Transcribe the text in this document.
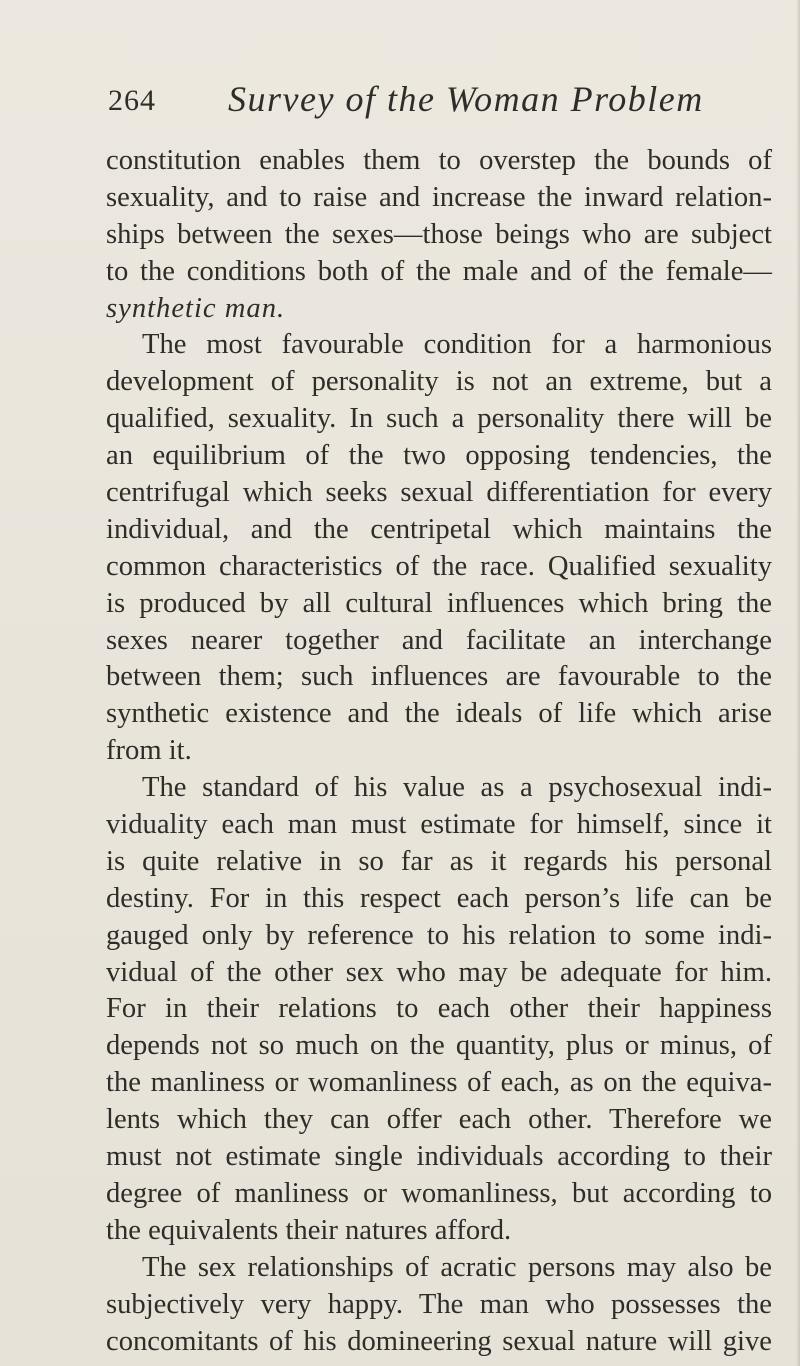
264 Survey of the Woman Problem
constitution enables them to overstep the bounds of
sexuality, and to raise and increase the inward relation-
ships between the sexes—those beings who are subject
to the conditions both of the male and of the female—
synthetic man.
The most favourable condition for a harmonious
development of personality is not an extreme, but a
qualified, sexuality. In such a personality there will be
an equilibrium of the two opposing tendencies, the
centrifugal which seeks sexual differentiation for every
individual, and the centripetal which maintains the
common characteristics of the race. Qualified sexuality
is produced by all cultural influences which bring the
sexes nearer together and facilitate an interchange
between them; such influences are favourable to the
synthetic existence and the ideals of life which arise
from it.
The standard of his value as a psychosexual indi-
viduality each man must estimate for himself, since it
is quite relative in so far as it regards his personal
destiny. For in this respect each person’s life can be
gauged only by reference to his relation to some indi-
vidual of the other sex who may be adequate for him.
For in their relations to each other their happiness
depends not so much on the quantity, plus or minus, of
the manliness or womanliness of each, as on the equiva-
lents which they can offer each other. Therefore we
must not estimate single individuals according to their
degree of manliness or womanliness, but according to
the equivalents their natures afford.
The sex relationships of acratic persons may also be
subjectively very happy. The man who possesses the
concomitants of his domineering sexual nature will give
